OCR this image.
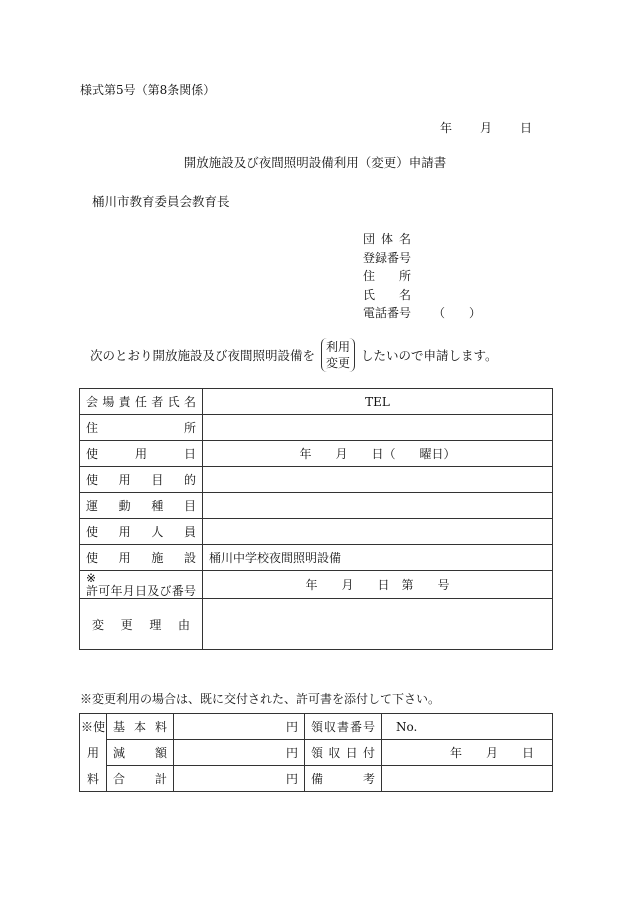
様式第5号（第8条関係）
年 月 日
開放施設及び夜間照明設備利用（変更）申請書
桶川市教育委員会教育長
団体名
登録番号
住所
氏名
電話番号 （　　）
次のとおり開放施設及び夜間照明設備を
利用
変更 したいので申請します。
会場責任者氏名	TEL
住所	
使用日	年　　月　　日（　　曜日）
使用目的	
運動種目	
使用人員	
使用施設	桶川中学校夜間照明設備

※
許可年月日及び番号	年　　月　　日　第　　号
変更理由	
※変更利用の場合は、既に交付された、許可書を添付して下さい。
※使	基本料	円	領収書番号	No.
用	減額	円	領収日付	年　　月　　日
料	合計	円	備考	
